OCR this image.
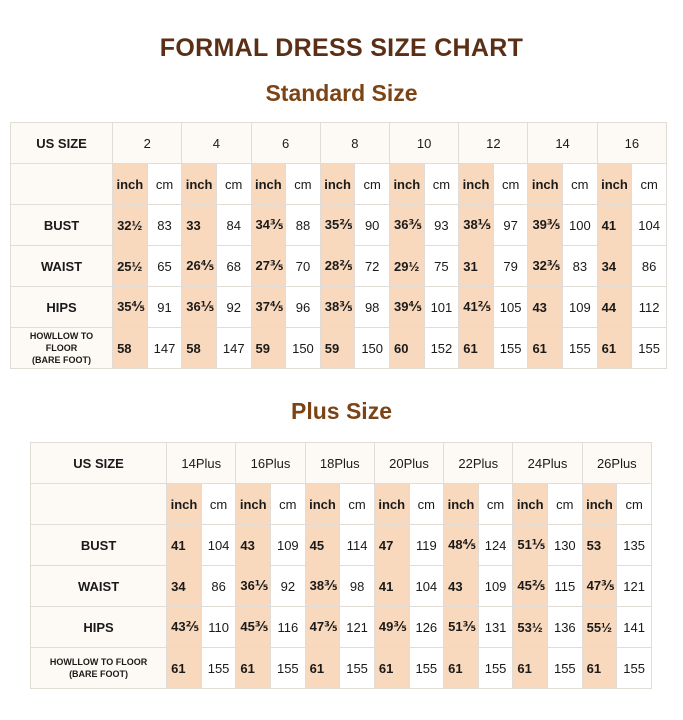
FORMAL DRESS SIZE CHART
Standard Size
US SIZE	2		4		6		8		10		12		14		16	
	inch	cm	inch	cm	inch	cm	inch	cm	inch	cm	inch	cm	inch	cm	inch	cm
BUST	32½	83	33	84	34⅗	88	35⅖	90	36⅗	93	38⅕	97	39⅗	100	41	104
WAIST	25½	65	26⅘	68	27⅗	70	28⅖	72	29½	75	31	79	32⅗	83	34	86
HIPS	35⅘	91	36⅕	92	37⅘	96	38⅗	98	39⅘	101	41⅖	105	43	109	44	112
HOWLLOW TO
FLOOR
(BARE FOOT)	58	147	58	147	59	150	59	150	60	152	61	155	61	155	61	155
Plus Size
US SIZE	14Plus		16Plus		18Plus		20Plus		22Plus		24Plus		26Plus	
	inch	cm	inch	cm	inch	cm	inch	cm	inch	cm	inch	cm	inch	cm
BUST	41	104	43	109	45	114	47	119	48⅘	124	51⅕	130	53	135
WAIST	34	86	36⅕	92	38⅗	98	41	104	43	109	45⅖	115	47⅗	121
HIPS	43⅖	110	45⅗	116	47⅗	121	49⅗	126	51⅗	131	53½	136	55½	141
HOWLLOW TO FLOOR
(BARE FOOT)	61	155	61	155	61	155	61	155	61	155	61	155	61	155
